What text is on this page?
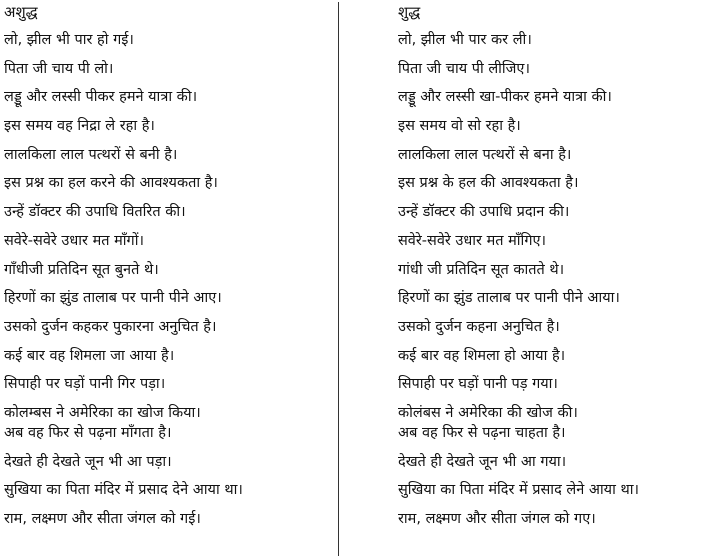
अशुद्ध
लो, झील भी पार हो गई।
पिता जी चाय पी लो।
लड्डू और लस्सी पीकर हमने यात्रा की।
इस समय वह निद्रा ले रहा है।
लालकिला लाल पत्थरों से बनी है।
इस प्रश्न का हल करने की आवश्यकता है।
उन्हें डॉक्टर की उपाधि वितरित की।
सवेरे-सवेरे उधार मत माँगों।
गाँधीजी प्रतिदिन सूत बुनते थे।
हिरणों का झुंड तालाब पर पानी पीने आए।
उसको दुर्जन कहकर पुकारना अनुचित है।
कई बार वह शिमला जा आया है।
सिपाही पर घड़ों पानी गिर पड़ा।
कोलम्बस ने अमेरिका का खोज किया।
अब वह फिर से पढ़ना माँगता है।
देखते ही देखते जून भी आ पड़ा।
सुखिया का पिता मंदिर में प्रसाद देने आया था।
राम, लक्ष्मण और सीता जंगल को गई।
शुद्ध
लो, झील भी पार कर ली।
पिता जी चाय पी लीजिए।
लड्डू और लस्सी खा-पीकर हमने यात्रा की।
इस समय वो सो रहा है।
लालकिला लाल पत्थरों से बना है।
इस प्रश्न के हल की आवश्यकता है।
उन्हें डॉक्टर की उपाधि प्रदान की।
सवेरे-सवेरे उधार मत माँगिए।
गांधी जी प्रतिदिन सूत कातते थे।
हिरणों का झुंड तालाब पर पानी पीने आया।
उसको दुर्जन कहना अनुचित है।
कई बार वह शिमला हो आया है।
सिपाही पर घड़ों पानी पड़ गया।
कोलंबस ने अमेरिका की खोज की।
अब वह फिर से पढ़ना चाहता है।
देखते ही देखते जून भी आ गया।
सुखिया का पिता मंदिर में प्रसाद लेने आया था।
राम, लक्ष्मण और सीता जंगल को गए।
